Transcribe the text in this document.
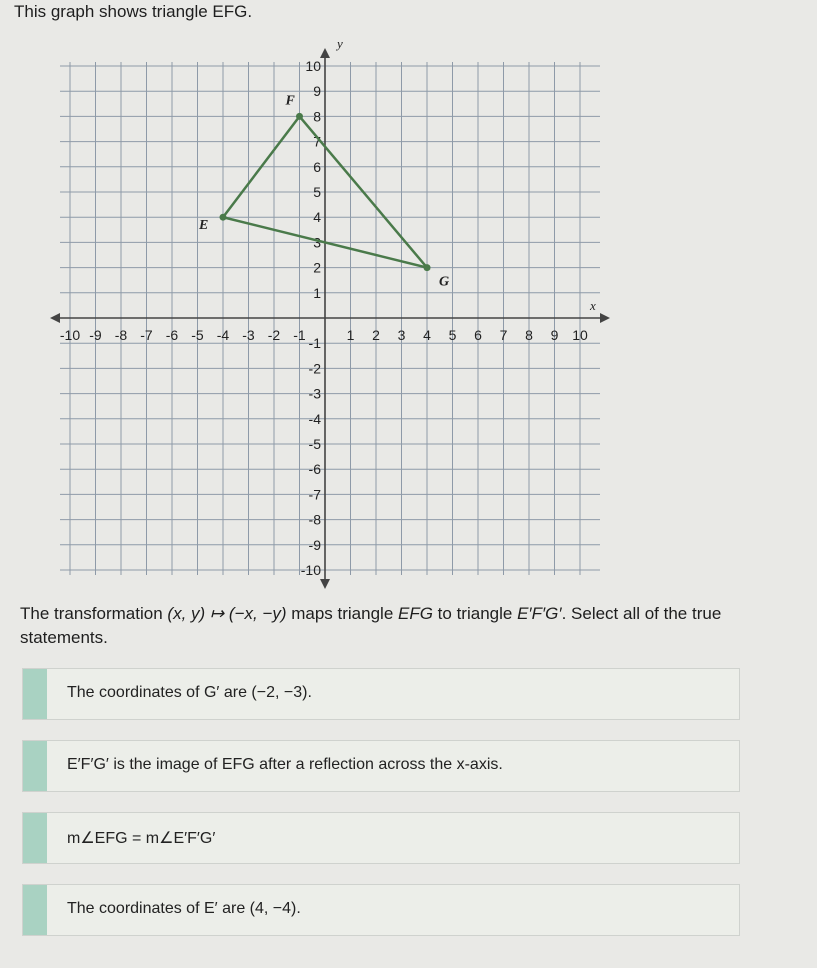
This graph shows triangle EFG.

x
y
-10 -9 -8 -7 -6 -5 -4 -3 -2 -1	1 2 3 4 5 6 7 8 9 10
10
9
8
7
6
5
4
3
2
1
-1
-2
-3
-4
-5
-6
-7
-8
-9
-10
E
F
G
The transformation (x, y) ↦ (−x, −y) maps triangle EFG to triangle E′F′G′. Select all of the true statements.
The coordinates of G′ are (−2, −3).
E′F′G′ is the image of EFG after a reflection across the x-axis.
m∠EFG = m∠E′F′G′
The coordinates of E′ are (4, −4).
